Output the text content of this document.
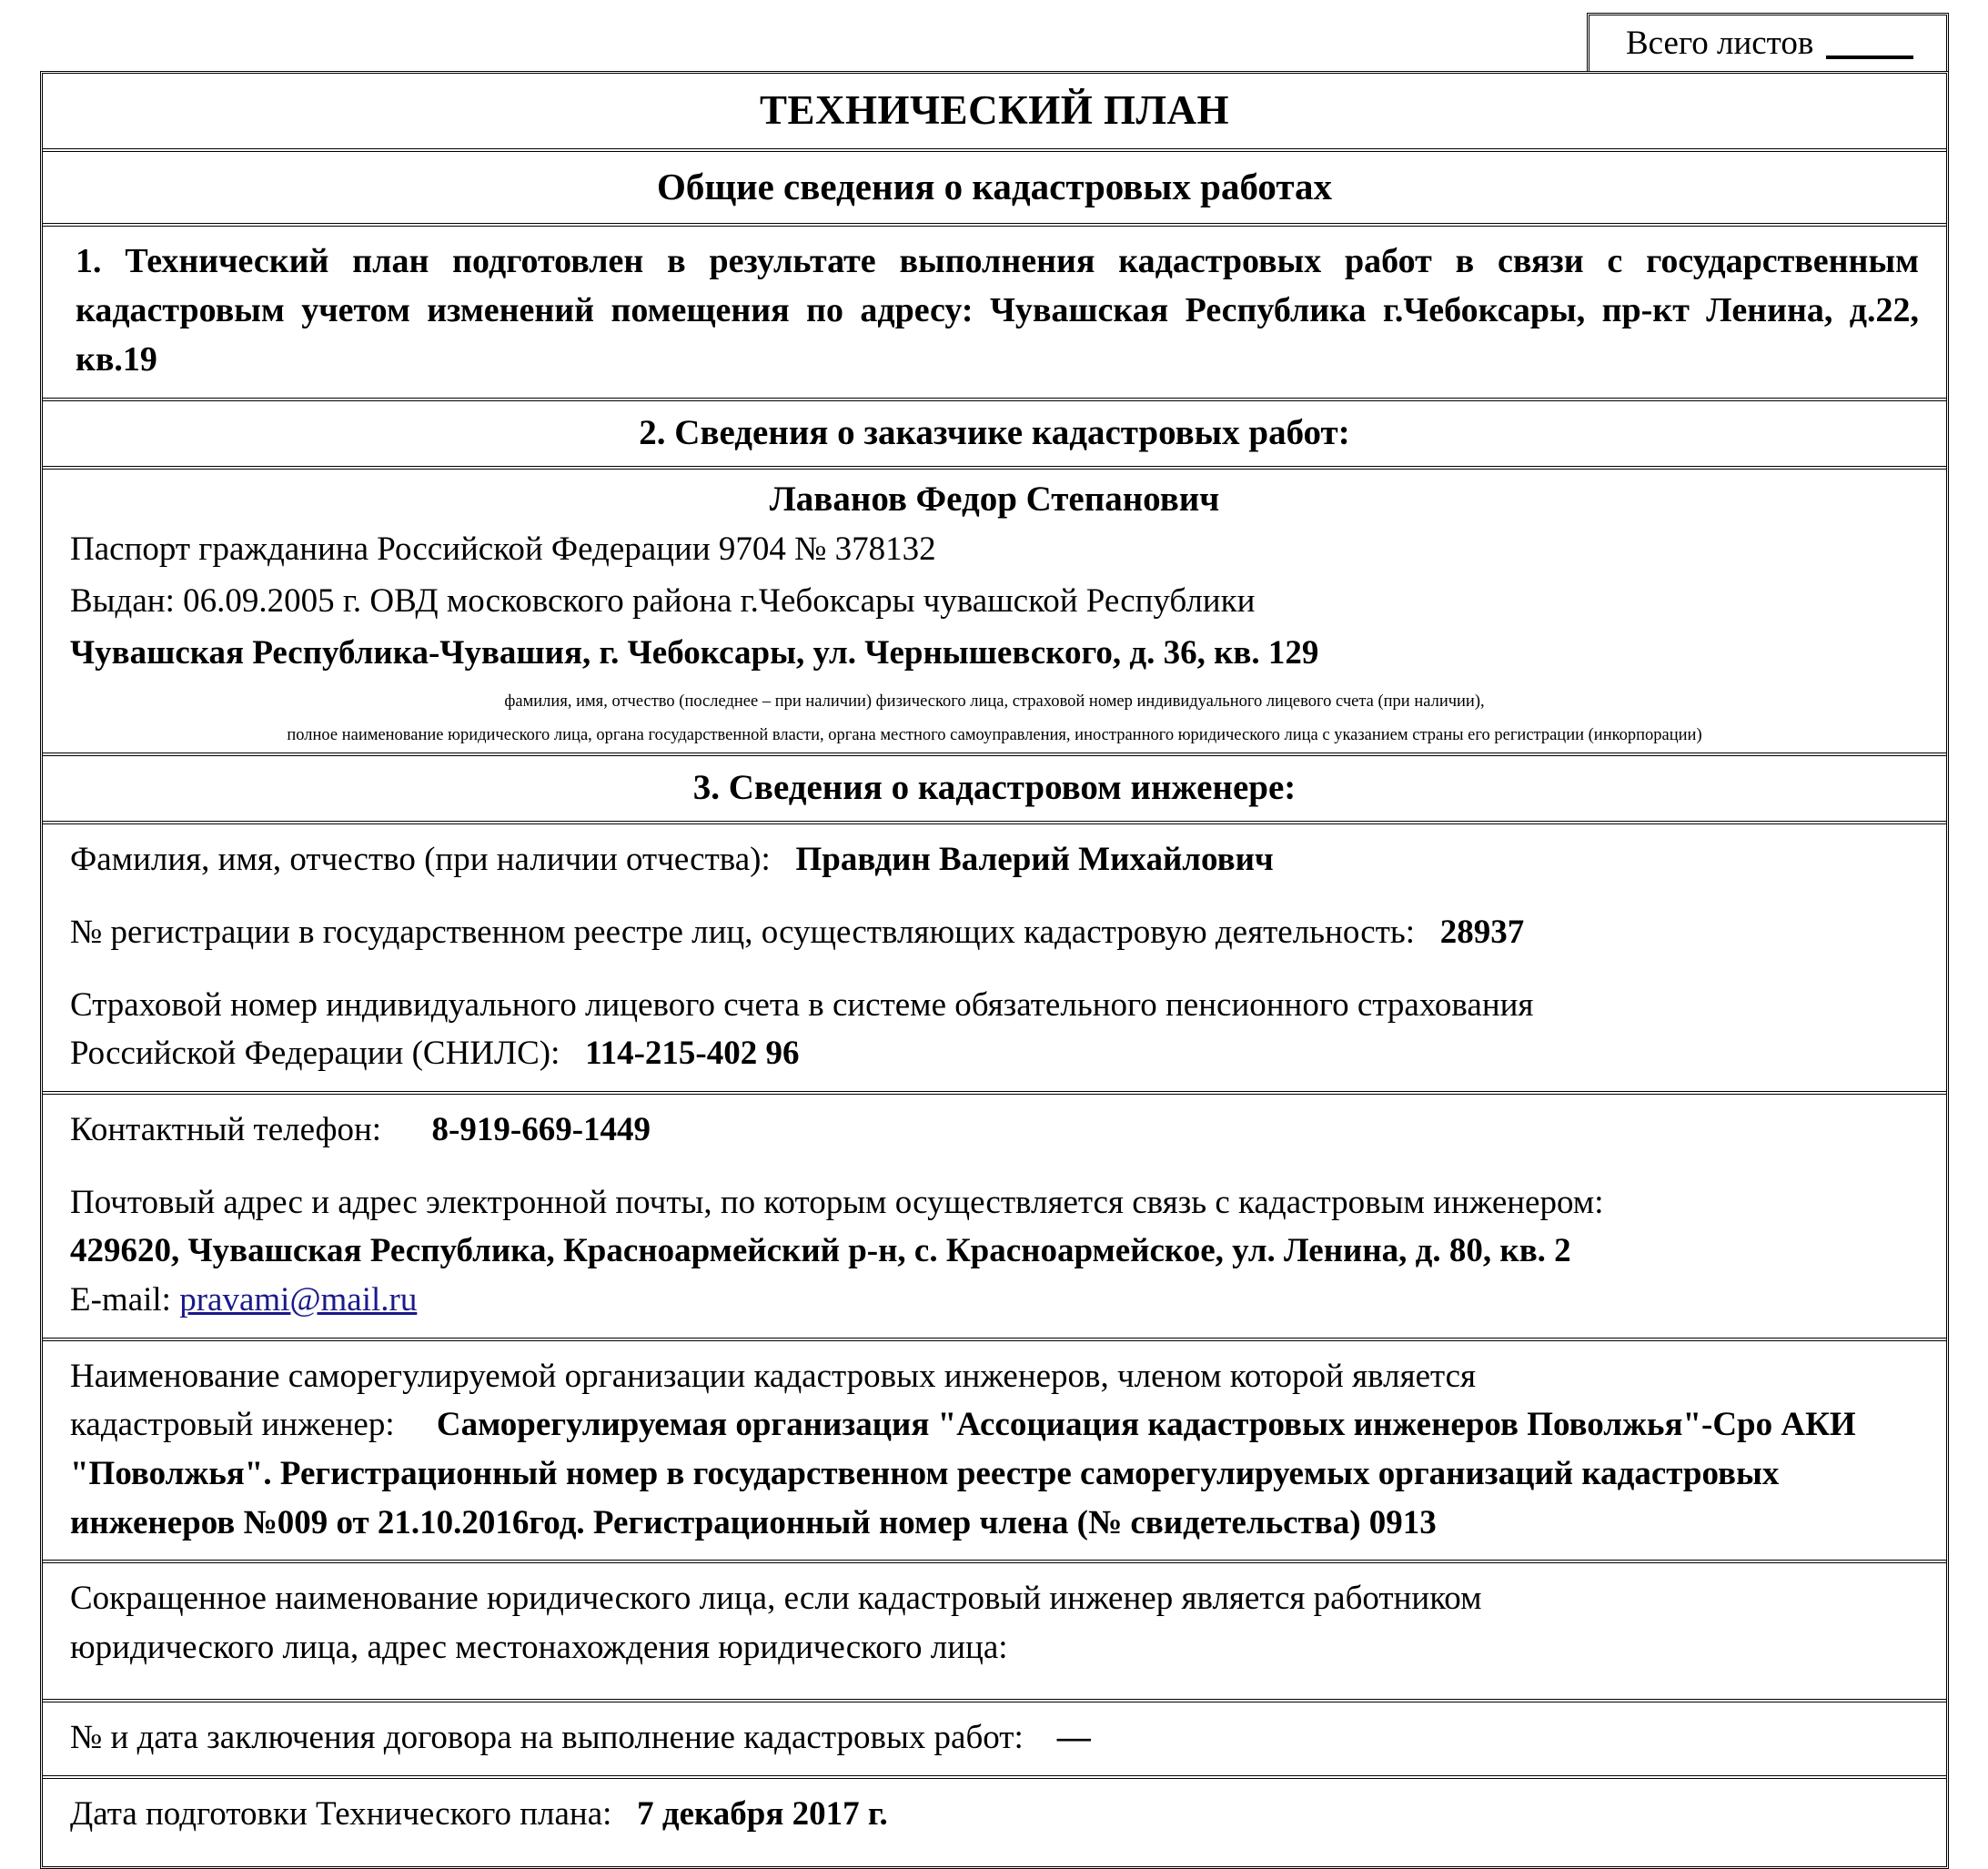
Всего листов
ТЕХНИЧЕСКИЙ ПЛАН
Общие сведения о кадастровых работах
1. Технический план подготовлен в результате выполнения кадастровых работ в связи с государственным кадастровым учетом изменений помещения по адресу: Чувашская Республика г.Чебоксары, пр-кт Ленина, д.22, кв.19
2. Сведения о заказчике кадастровых работ:
Лаванов Федор Степанович
Паспорт гражданина Российской Федерации 9704 № 378132
Выдан: 06.09.2005 г. ОВД московского района г.Чебоксары чувашской Республики
Чувашская Республика-Чувашия, г. Чебоксары, ул. Чернышевского, д. 36, кв. 129
фамилия, имя, отчество (последнее – при наличии) физического лица, страховой номер индивидуального лицевого счета (при наличии),
полное наименование юридического лица, органа государственной власти, органа местного самоуправления, иностранного юридического лица с указанием страны его регистрации (инкорпорации)
3. Сведения о кадастровом инженере:
Фамилия, имя, отчество (при наличии отчества): Правдин Валерий Михайлович
№ регистрации в государственном реестре лиц, осуществляющих кадастровую деятельность: 28937
Страховой номер индивидуального лицевого счета в системе обязательного пенсионного страхования
Российской Федерации (СНИЛС): 114-215-402 96
Контактный телефон: 8-919-669-1449
Почтовый адрес и адрес электронной почты, по которым осуществляется связь с кадастровым инженером:
429620, Чувашская Республика, Красноармейский р-н, с. Красноармейское, ул. Ленина, д. 80, кв. 2
E-mail: pravami@mail.ru
Наименование саморегулируемой организации кадастровых инженеров, членом которой является
кадастровый инженер: Саморегулируемая организация "Ассоциация кадастровых инженеров Поволжья"-Сро АКИ "Поволжья". Регистрационный номер в государственном реестре саморегулируемых организаций кадастровых инженеров №009 от 21.10.2016год. Регистрационный номер члена (№ свидетельства) 0913
Сокращенное наименование юридического лица, если кадастровый инженер является работником
юридического лица, адрес местонахождения юридического лица:
№ и дата заключения договора на выполнение кадастровых работ: —
Дата подготовки Технического плана: 7 декабря 2017 г.
